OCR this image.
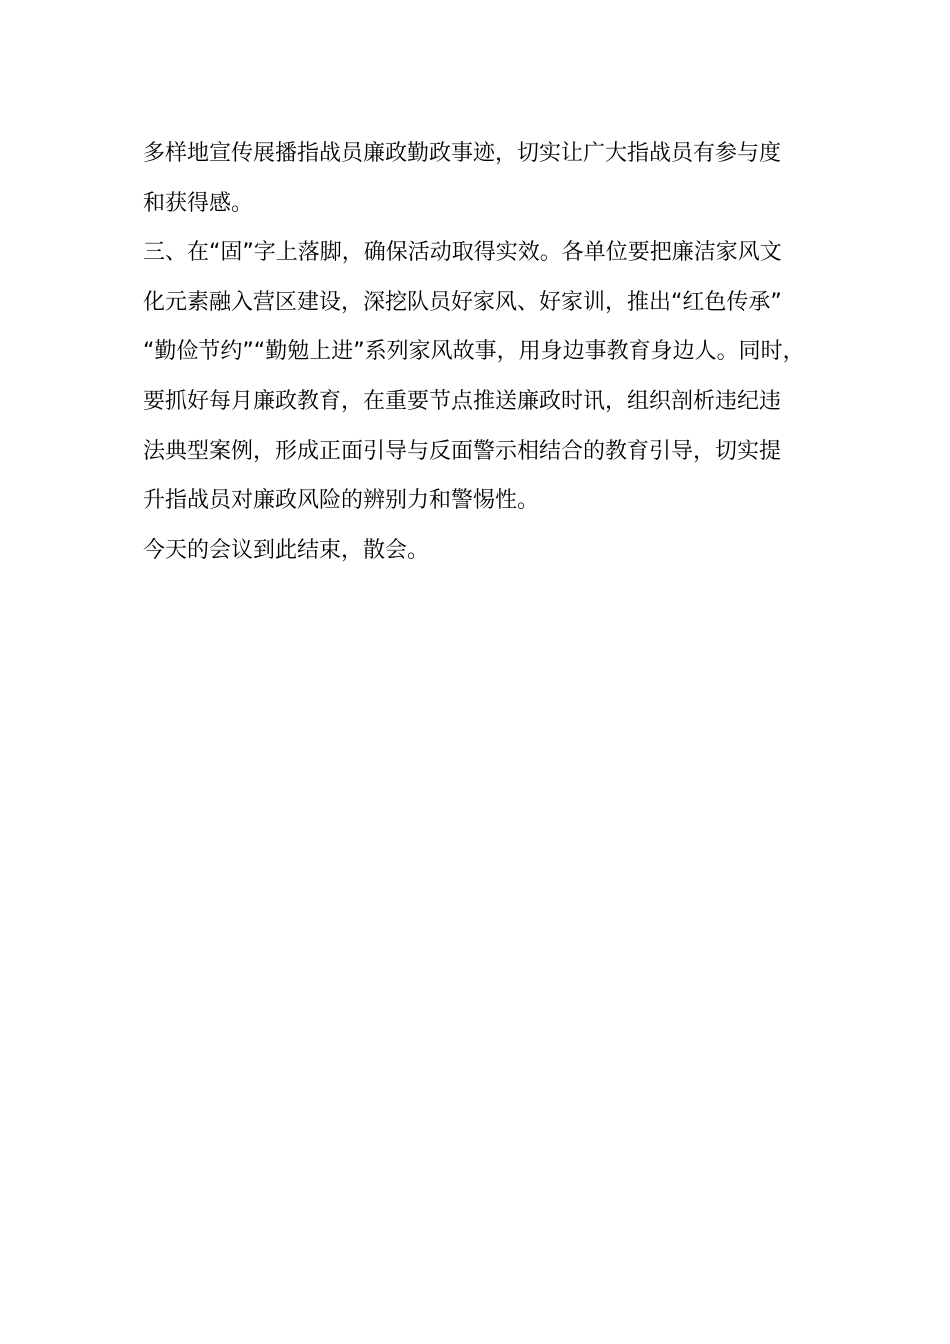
多样地宣传展播指战员廉政勤政事迹，切实让广大指战员有参与度
和获得感。
三、在“固”字上落脚，确保活动取得实效。各单位要把廉洁家风文
化元素融入营区建设，深挖队员好家风、好家训，推出“红色传承”
“勤俭节约”“勤勉上进”系列家风故事，用身边事教育身边人。同时，
要抓好每月廉政教育，在重要节点推送廉政时讯，组织剖析违纪违
法典型案例，形成正面引导与反面警示相结合的教育引导，切实提
升指战员对廉政风险的辨别力和警惕性。
今天的会议到此结束，散会。
